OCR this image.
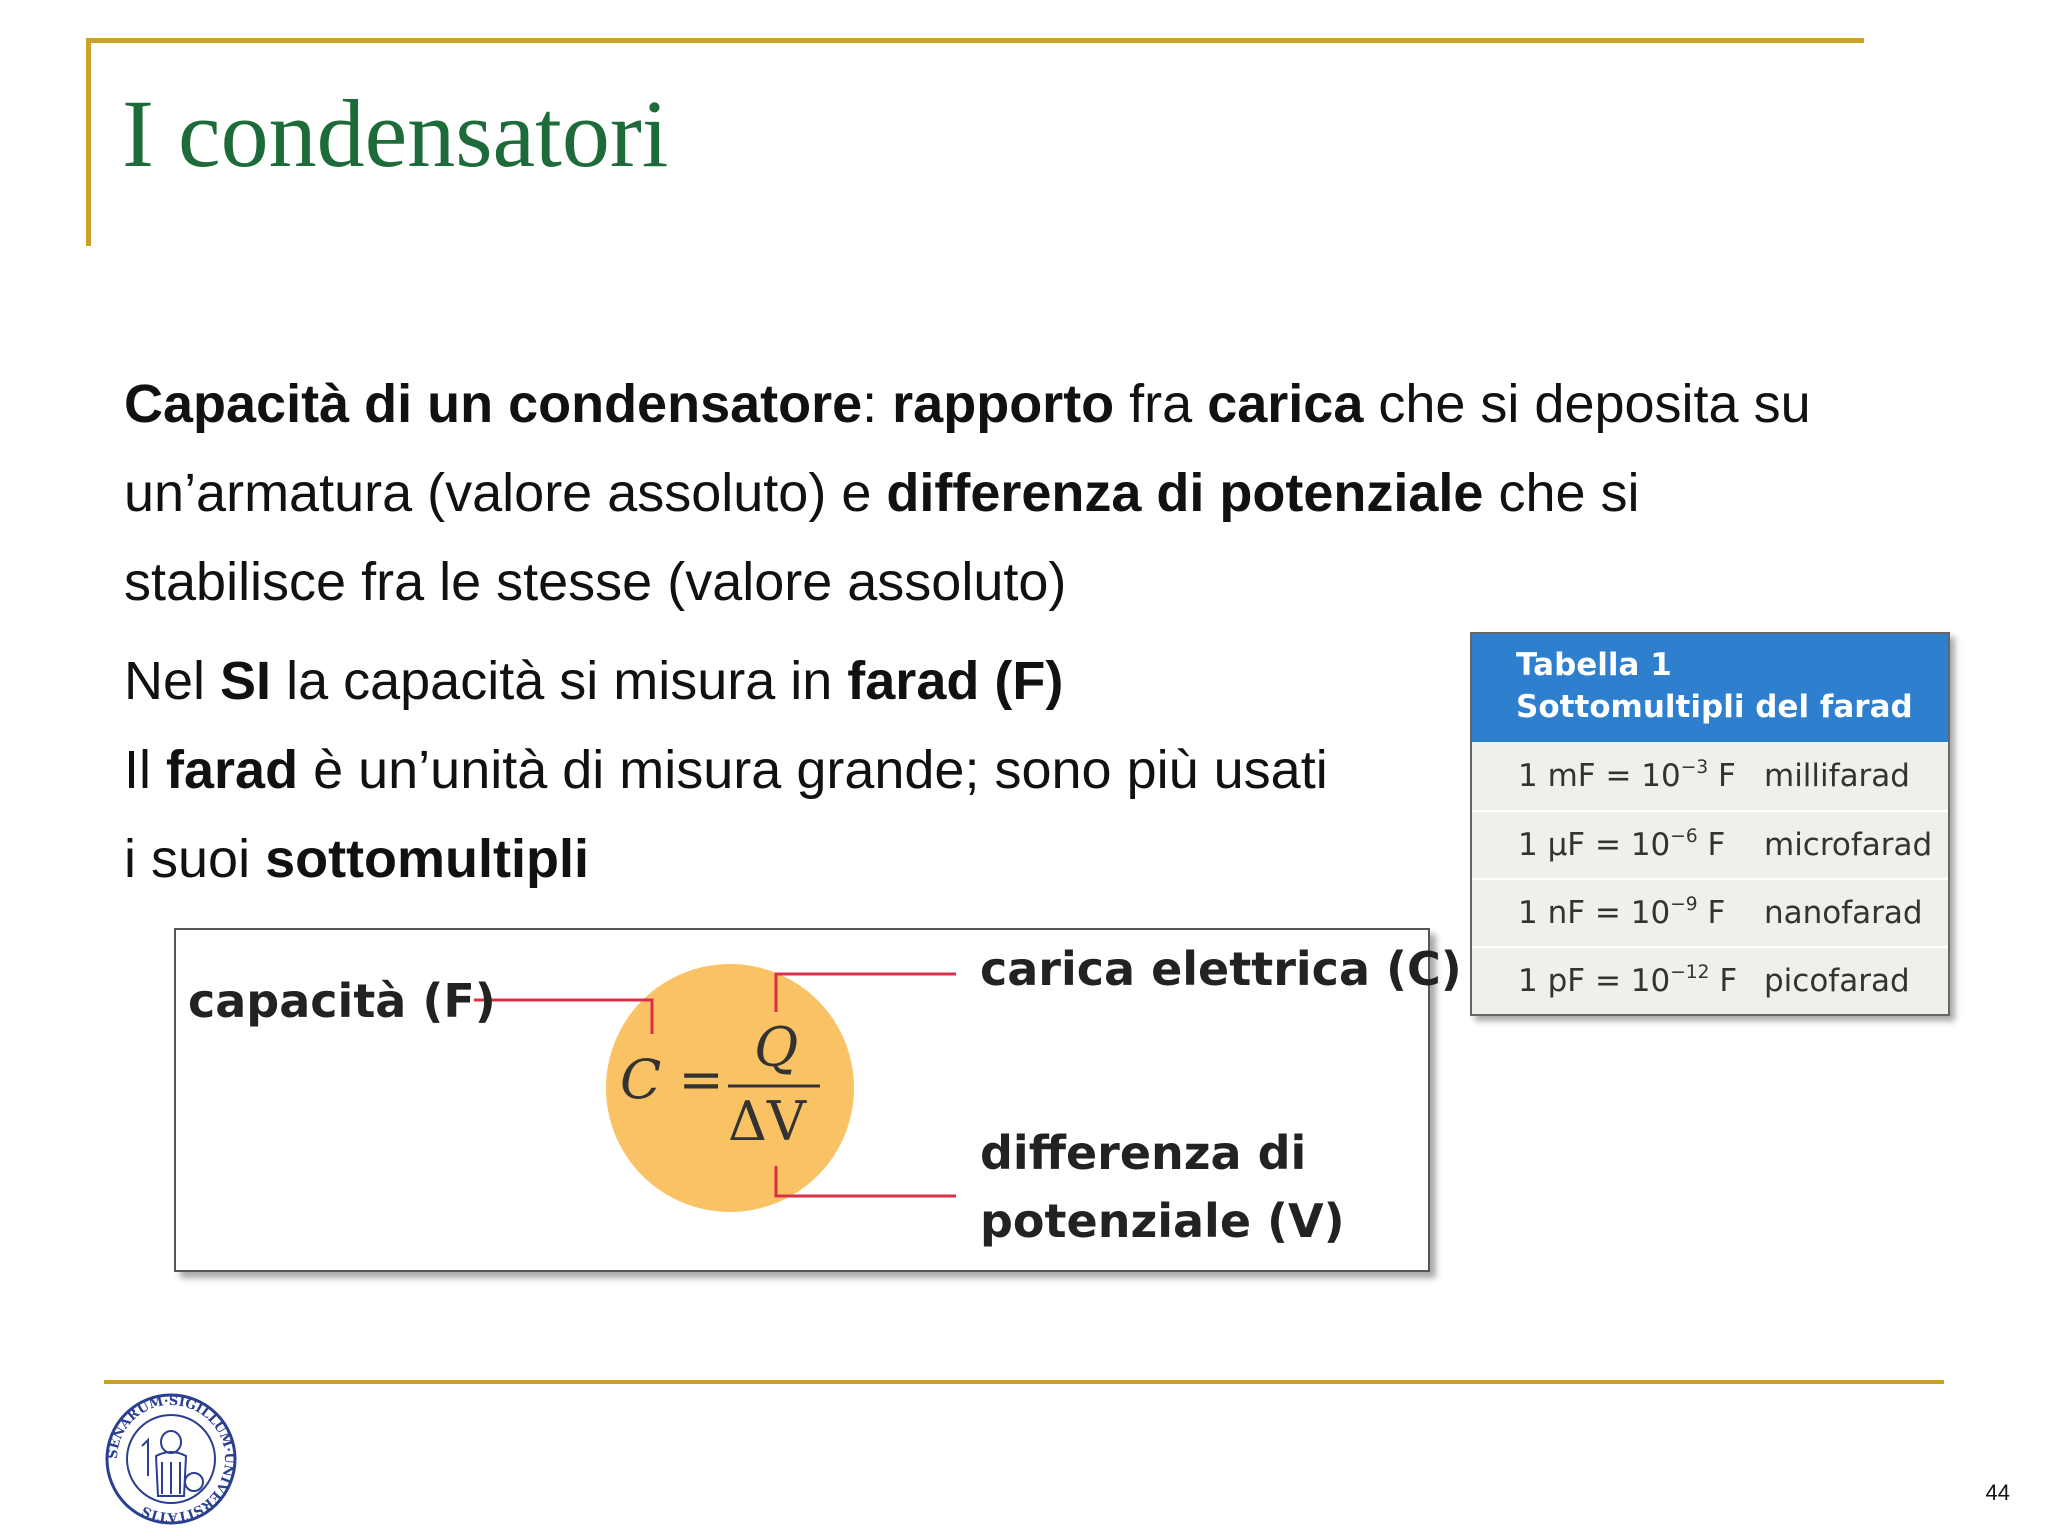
I condensatori

Capacità di un condensatore: rapporto fra carica che si deposita su

un’armatura (valore assoluto) e differenza di potenziale che si

stabilisce fra le stesse (valore assoluto)

Nel SI la capacità si misura in farad (F)

Il farad è un’unità di misura grande; sono più usati

i suoi sottomultipli

capacità (F)
carica elettrica (C)
differenza di
potenziale (V)
C =
Q
ΔV
Tabella 1
Sottomultipli del farad
1 mF = $10^{-3}$ F millifarad
1 $\mu F = 10^{-6}$ F	microfarad
1 nF = $10^{-9}$ F	nanofarad
1 pF = $10^{-12}$ F picofarad
SENARUM·SIGILLUM·UNIVERSITATIS
44
